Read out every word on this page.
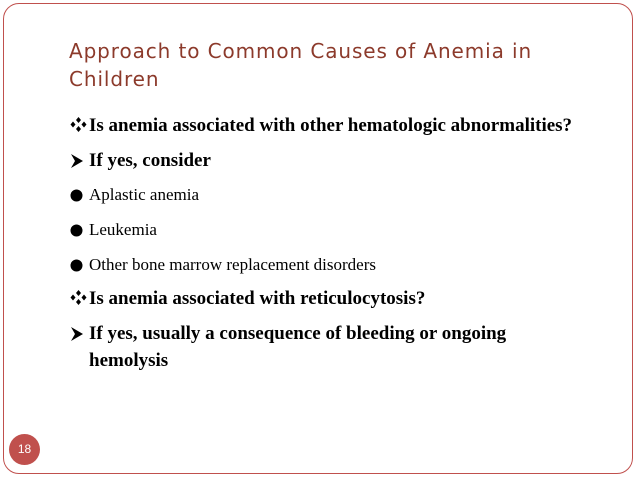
Approach to Common Causes of Anemia in Children
Is anemia associated with other hematologic abnormalities?
If yes, consider
Aplastic anemia
Leukemia
Other bone marrow replacement disorders
Is anemia associated with reticulocytosis?
If yes, usually a consequence of bleeding or ongoing hemolysis
18
